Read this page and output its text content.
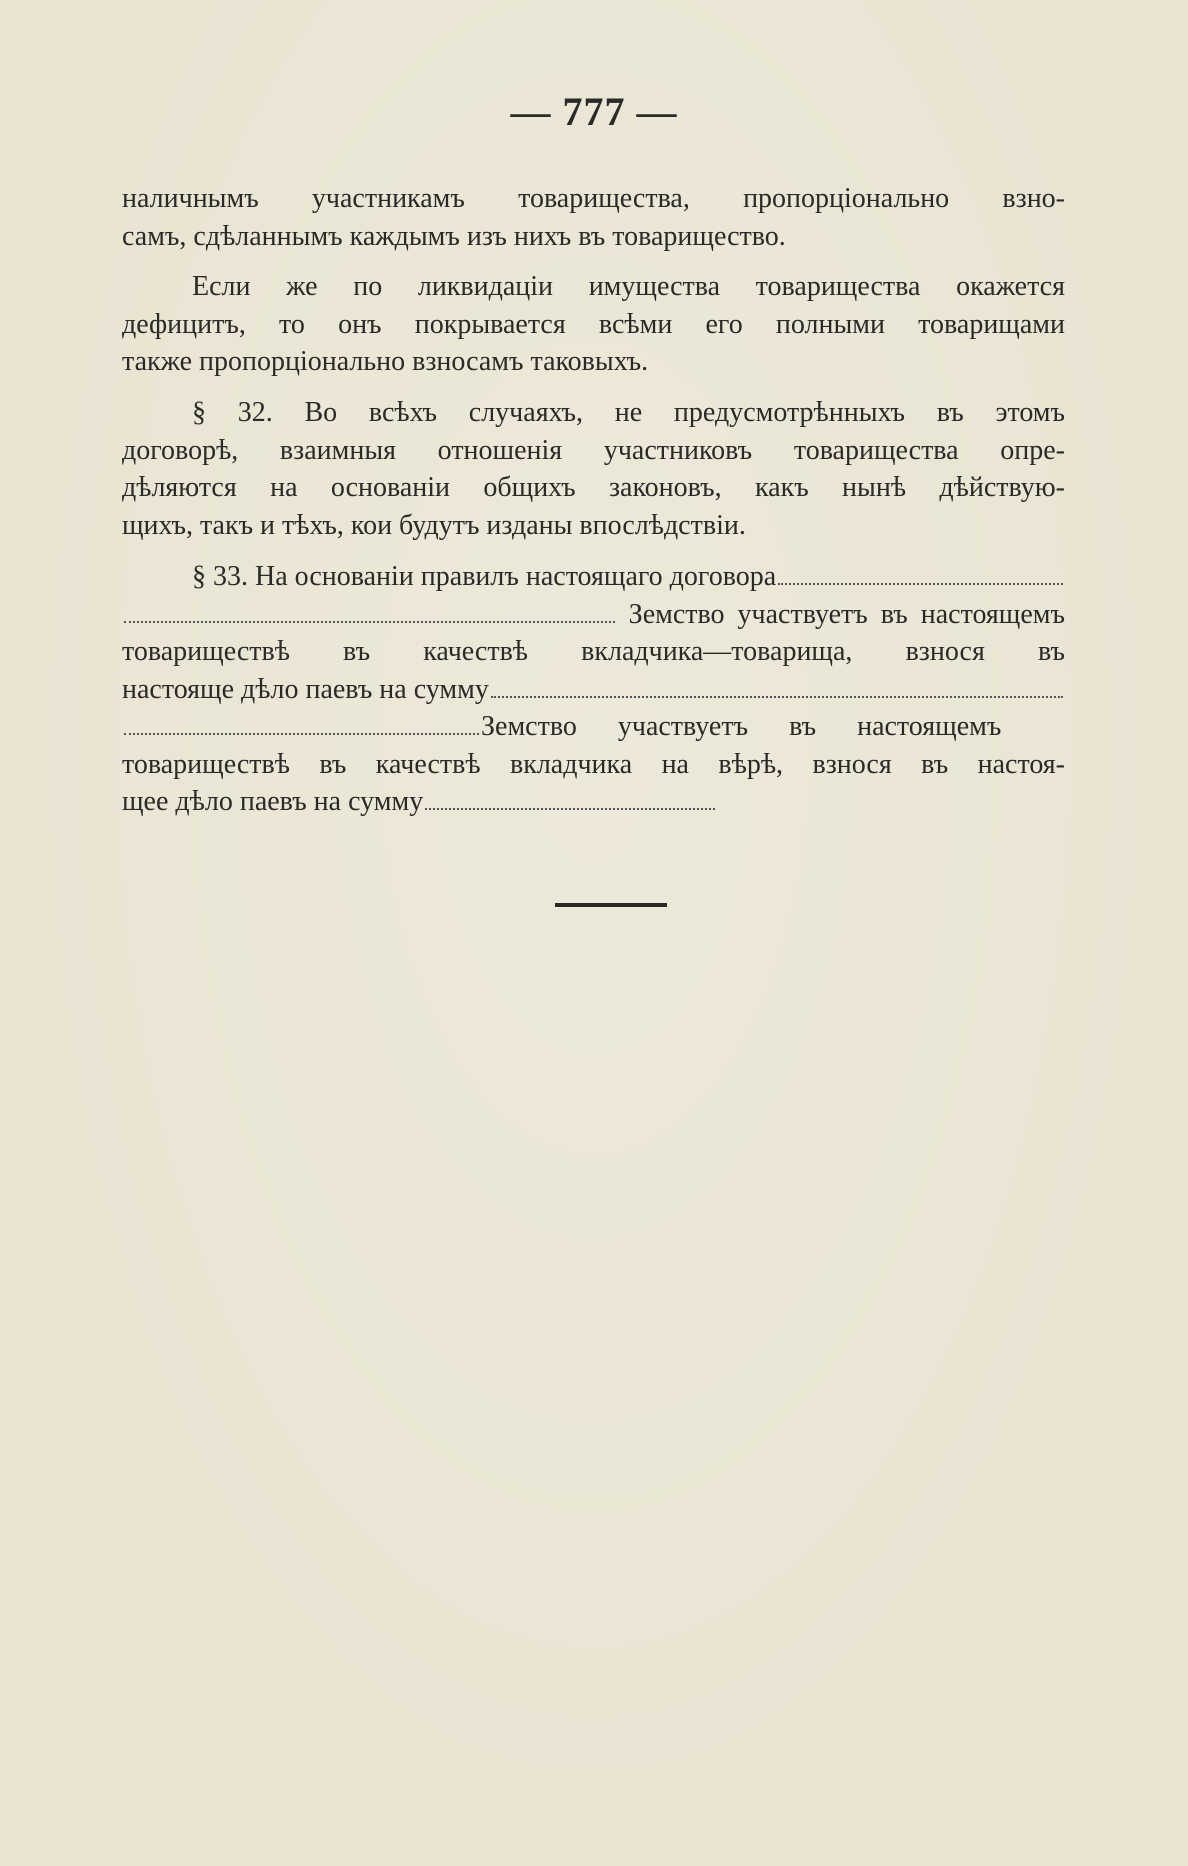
— 777 —
наличнымъ участникамъ товарищества, пропорціонально взно-
самъ, сдѣланнымъ каждымъ изъ нихъ въ товарищество.
Если же по ликвидаціи имущества товарищества окажется
дефицитъ, то онъ покрывается всѣми его полными товарищами
также пропорціонально взносамъ таковыхъ.
§ 32. Во всѣхъ случаяхъ, не предусмотрѣнныхъ въ этомъ
договорѣ, взаимныя отношенія участниковъ товарищества опре-
дѣляются на основаніи общихъ законовъ, какъ нынѣ дѣйствую-
щихъ, такъ и тѣхъ, кои будутъ изданы впослѣдствіи.
§ 33. На основаніи правилъ настоящаго договора
Земство участвуетъ въ настоящемъ
товариществѣ въ качествѣ вкладчика—товарища, взнося въ
настояще дѣло паевъ на сумму
Земство участвуетъ въ настоящемъ
товариществѣ въ качествѣ вкладчика на вѣрѣ, взнося въ настоя-
щее дѣло паевъ на сумму
